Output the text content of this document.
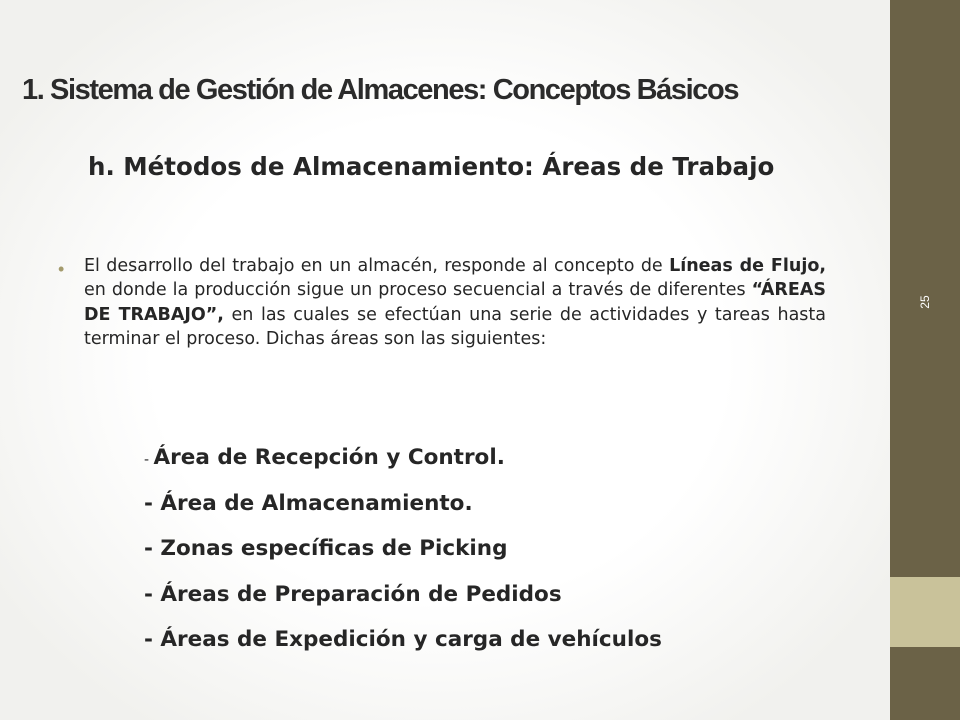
25
1. Sistema de Gestión de Almacenes: Conceptos Básicos
h. Métodos de Almacenamiento: Áreas de Trabajo
• El desarrollo del trabajo en un almacén, responde al concepto de Líneas de Flujo, en donde la producción sigue un proceso secuencial a través de diferentes “ÁREAS DE TRABAJO”, en las cuales se efectúan una serie de actividades y tareas hasta terminar el proceso. Dichas áreas son las siguientes:
- Área de Recepción y Control.
- Área de Almacenamiento.
- Zonas específicas de Picking
- Áreas de Preparación de Pedidos
- Áreas de Expedición y carga de vehículos
